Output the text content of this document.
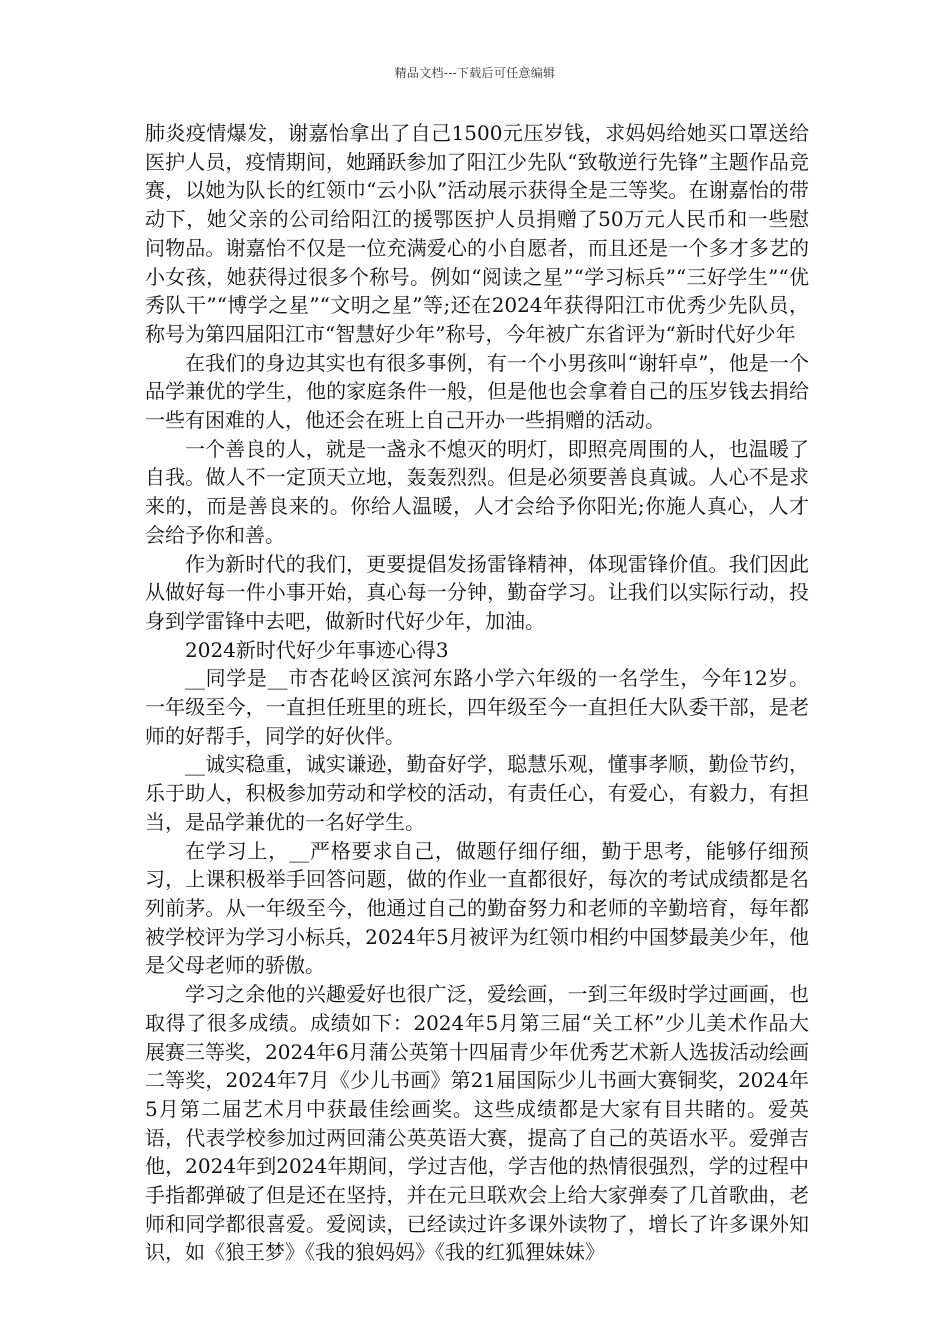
精品文档---下载后可任意编辑

肺炎疫情爆发，谢嘉怡拿出了自己1500元压岁钱，求妈妈给她买口罩送给医护人员，疫情期间，她踊跃参加了阳江少先队“致敬逆行先锋”主题作品竞赛，以她为队长的红领巾“云小队”活动展示获得全是三等奖。在谢嘉怡的带动下，她父亲的公司给阳江的援鄂医护人员捐赠了50万元人民币和一些慰问物品。谢嘉怡不仅是一位充满爱心的小自愿者，而且还是一个多才多艺的小女孩，她获得过很多个称号。例如“阅读之星”“学习标兵”“三好学生”“优秀队干”“博学之星”“文明之星”等;还在2024年获得阳江市优秀少先队员，称号为第四届阳江市“智慧好少年”称号，今年被广东省评为“新时代好少年

在我们的身边其实也有很多事例，有一个小男孩叫“谢轩卓”，他是一个品学兼优的学生，他的家庭条件一般，但是他也会拿着自己的压岁钱去捐给一些有困难的人，他还会在班上自己开办一些捐赠的活动。

一个善良的人，就是一盏永不熄灭的明灯，即照亮周围的人，也温暖了自我。做人不一定顶天立地，轰轰烈烈。但是必须要善良真诚。人心不是求来的，而是善良来的。你给人温暖，人才会给予你阳光;你施人真心，人才会给予你和善。

作为新时代的我们，更要提倡发扬雷锋精神，体现雷锋价值。我们因此从做好每一件小事开始，真心每一分钟，勤奋学习。让我们以实际行动，投身到学雷锋中去吧，做新时代好少年，加油。

2024新时代好少年事迹心得3

__同学是__市杏花岭区滨河东路小学六年级的一名学生，今年12岁。一年级至今，一直担任班里的班长，四年级至今一直担任大队委干部，是老师的好帮手，同学的好伙伴。

__诚实稳重，诚实谦逊，勤奋好学，聪慧乐观，懂事孝顺，勤俭节约，乐于助人，积极参加劳动和学校的活动，有责任心，有爱心，有毅力，有担当，是品学兼优的一名好学生。

在学习上，__严格要求自己，做题仔细仔细，勤于思考，能够仔细预习，上课积极举手回答问题，做的作业一直都很好，每次的考试成绩都是名列前茅。从一年级至今，他通过自己的勤奋努力和老师的辛勤培育，每年都被学校评为学习小标兵，2024年5月被评为红领巾相约中国梦最美少年，他是父母老师的骄傲。

学习之余他的兴趣爱好也很广泛，爱绘画，一到三年级时学过画画，也取得了很多成绩。成绩如下：2024年5月第三届“关工杯”少儿美术作品大展赛三等奖，2024年6月蒲公英第十四届青少年优秀艺术新人选拔活动绘画二等奖，2024年7月《少儿书画》第21届国际少儿书画大赛铜奖，2024年5月第二届艺术月中获最佳绘画奖。这些成绩都是大家有目共睹的。爱英语，代表学校参加过两回蒲公英英语大赛，提高了自己的英语水平。爱弹吉他，2024年到2024年期间，学过吉他，学吉他的热情很强烈，学的过程中手指都弹破了但是还在坚持，并在元旦联欢会上给大家弹奏了几首歌曲，老师和同学都很喜爱。爱阅读，已经读过许多课外读物了，增长了许多课外知识，如《狼王梦》《我的狼妈妈》《我的红狐狸妹妹》
